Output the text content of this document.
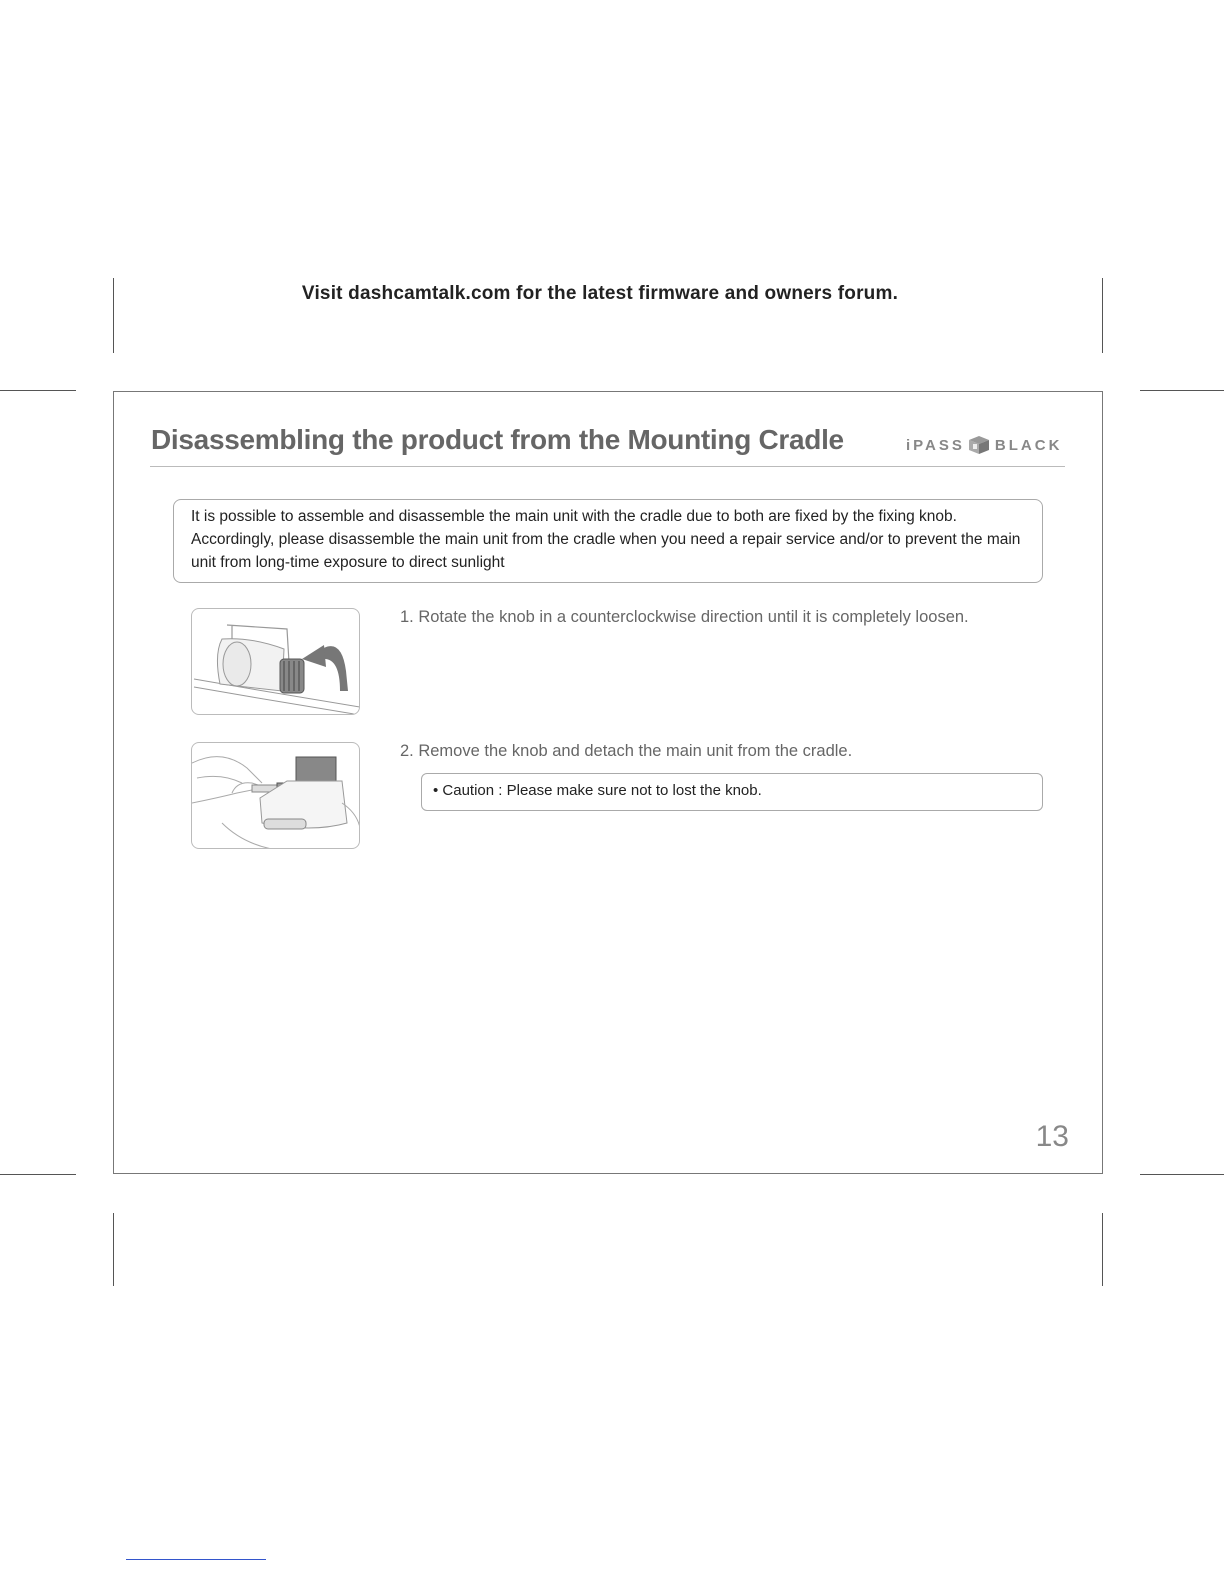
Visit dashcamtalk.com for the latest firmware and owners forum.
Disassembling the product from the Mounting Cradle	iPASS BLACK
It is possible to assemble and disassemble the main unit with the cradle due to both are fixed by the fixing knob. Accordingly, please disassemble the main unit from the cradle when you need a repair service and/or to prevent the main unit from long-time exposure to direct sunlight
1. Rotate the knob in a counterclockwise direction until it is completely loosen.
2. Remove the knob and detach the main unit from the cradle.
• Caution : Please make sure not to lost the knob.
13
